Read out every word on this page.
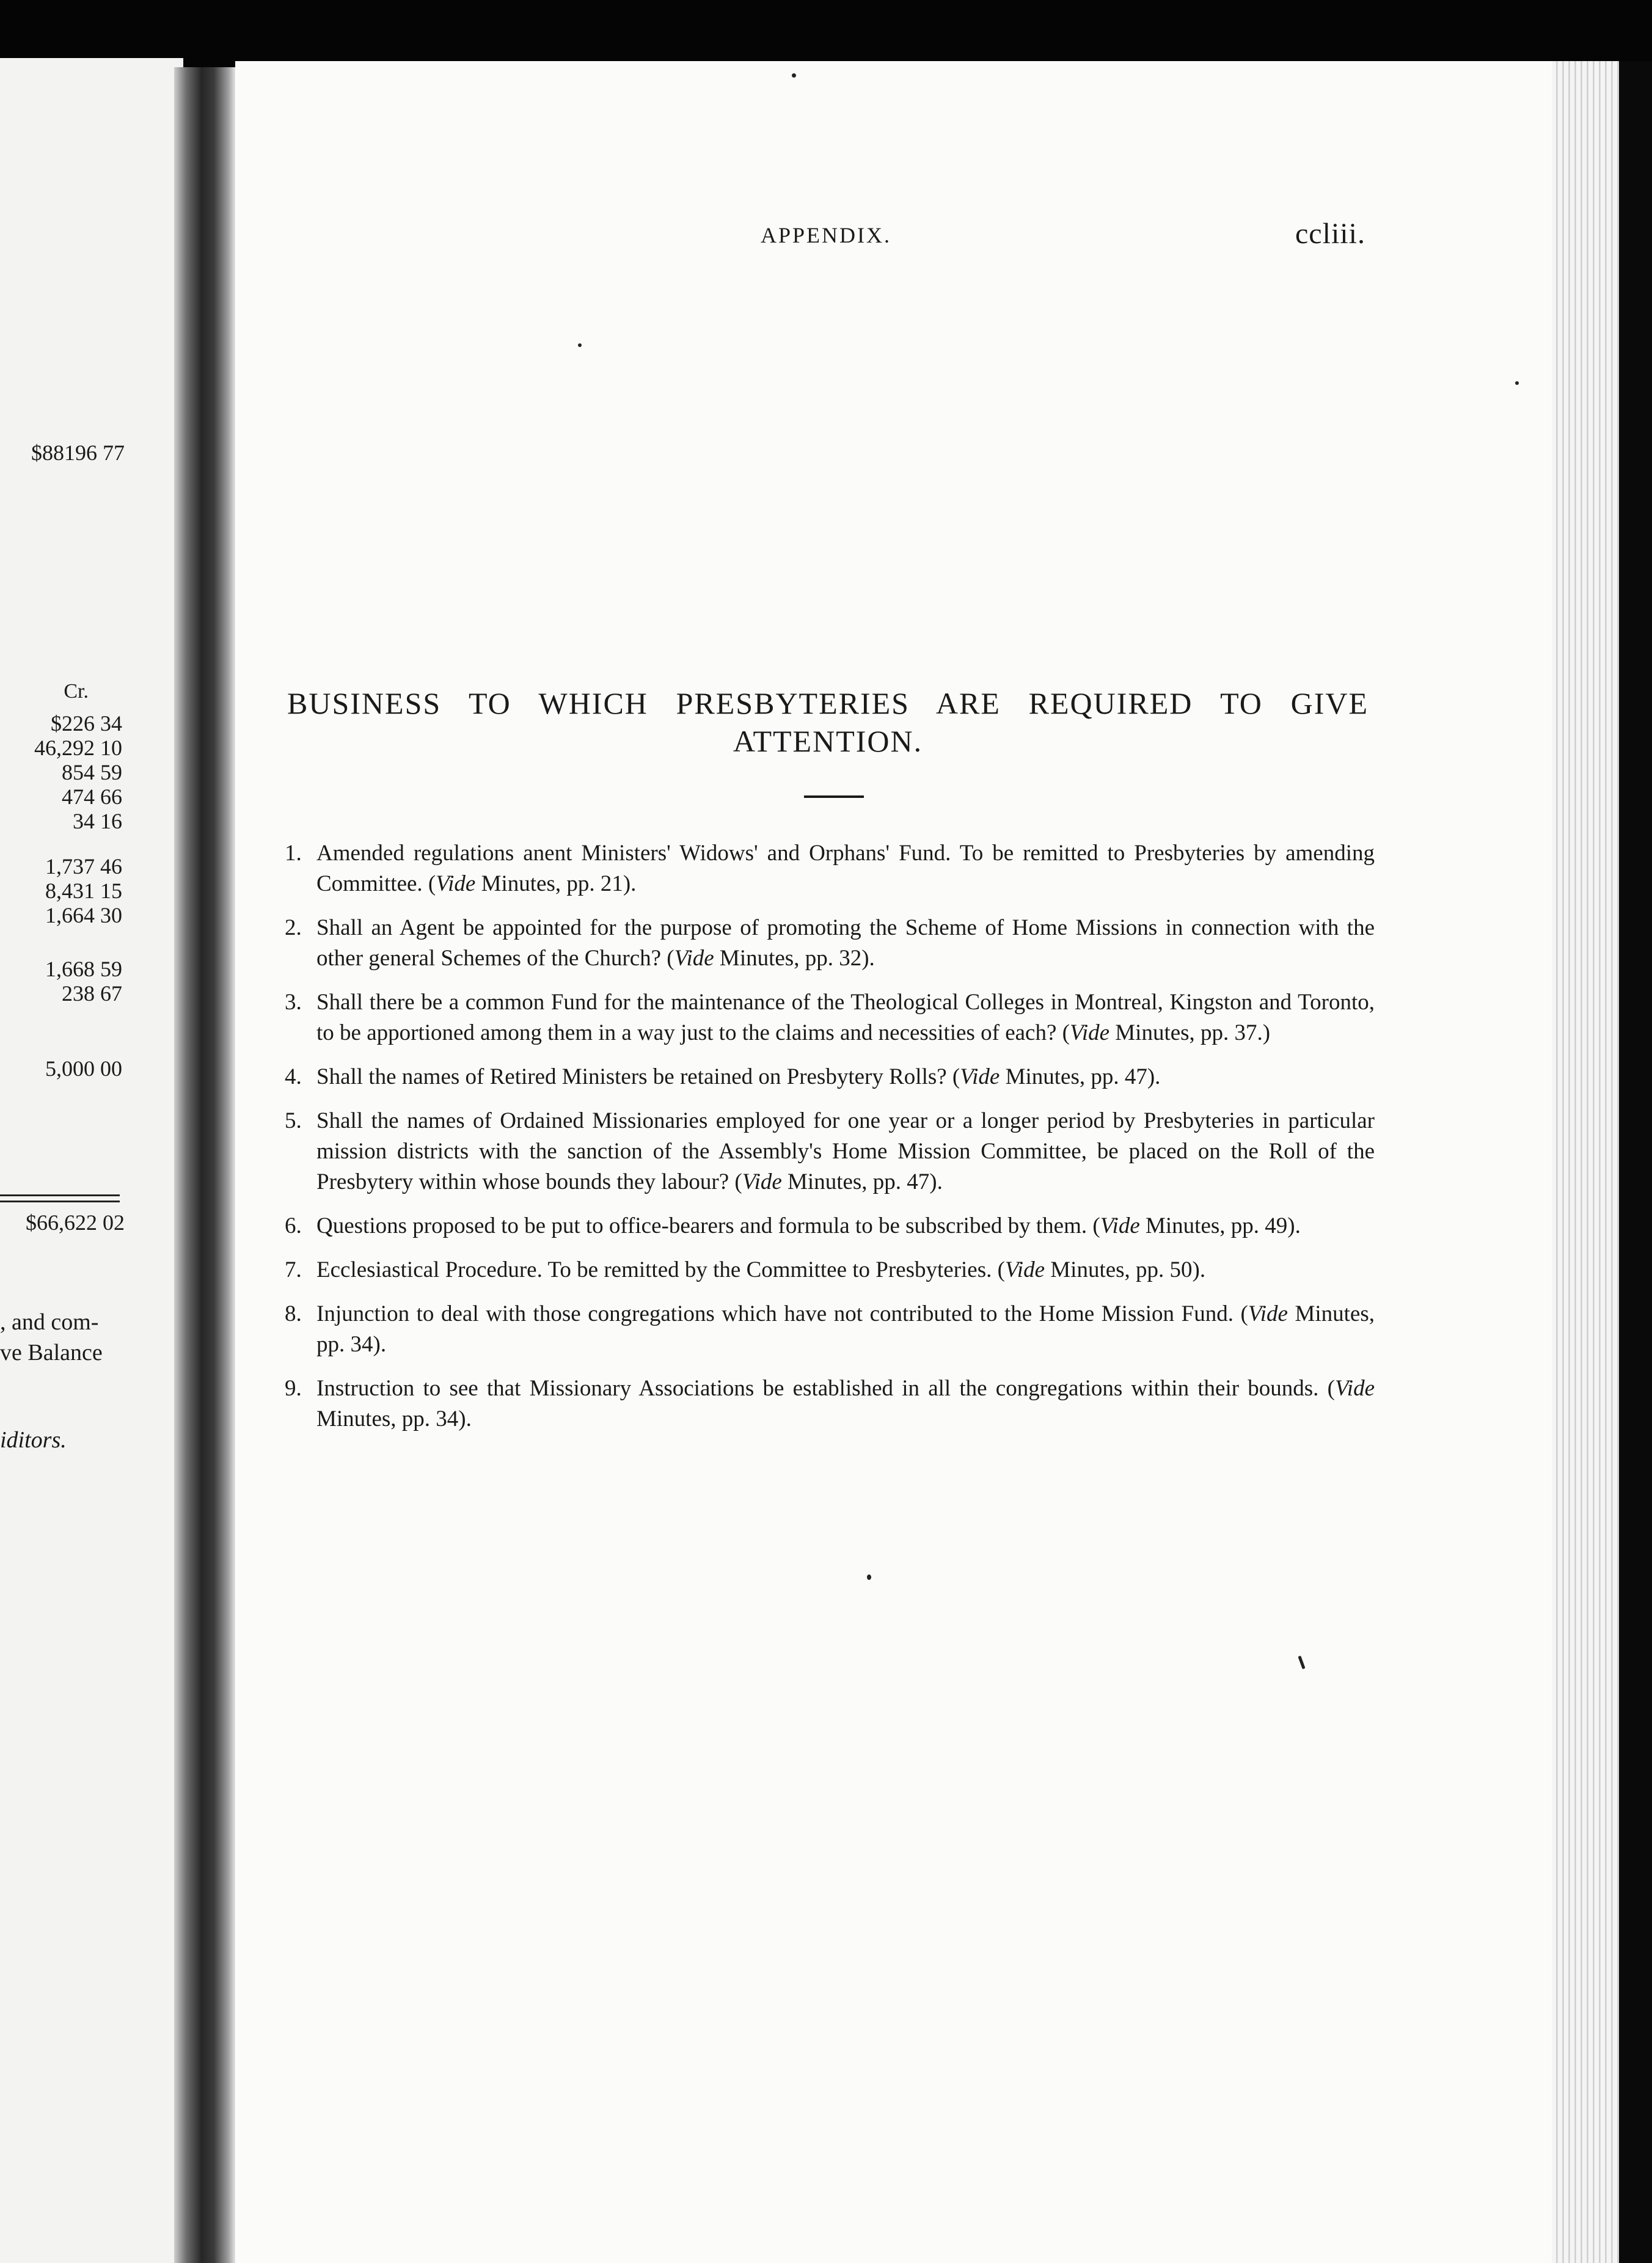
$88196 77
Cr.
$226 34
46,292 10
854 59
474 66
34 16
1,737 46
8,431 15
1,664 30
1,668 59
238 67
5,000 00
$66,622 02
, and com-
ve Balance
iditors.
APPENDIX.	ccliii.
BUSINESS TO WHICH PRESBYTERIES ARE REQUIRED TO GIVE
ATTENTION.
1. Amended regulations anent Ministers' Widows' and Orphans' Fund. To be remitted to Presbyteries by amending Committee. (Vide Minutes, pp. 21).
2. Shall an Agent be appointed for the purpose of promoting the Scheme of Home Missions in connection with the other general Schemes of the Church? (Vide Minutes, pp. 32).
3. Shall there be a common Fund for the maintenance of the Theological Colleges in Montreal, Kingston and Toronto, to be apportioned among them in a way just to the claims and necessities of each? (Vide Minutes, pp. 37.)
4. Shall the names of Retired Ministers be retained on Presbytery Rolls? (Vide Minutes, pp. 47).
5. Shall the names of Ordained Missionaries employed for one year or a longer period by Presbyteries in particular mission districts with the sanction of the Assembly's Home Mission Committee, be placed on the Roll of the Presbytery within whose bounds they labour? (Vide Minutes, pp. 47).
6. Questions proposed to be put to office-bearers and formula to be subscribed by them. (Vide Minutes, pp. 49).
7. Ecclesiastical Procedure. To be remitted by the Committee to Presbyteries. (Vide Minutes, pp. 50).
8. Injunction to deal with those congregations which have not contributed to the Home Mission Fund. (Vide Minutes, pp. 34).
9. Instruction to see that Missionary Associations be established in all the congregations within their bounds. (Vide Minutes, pp. 34).
